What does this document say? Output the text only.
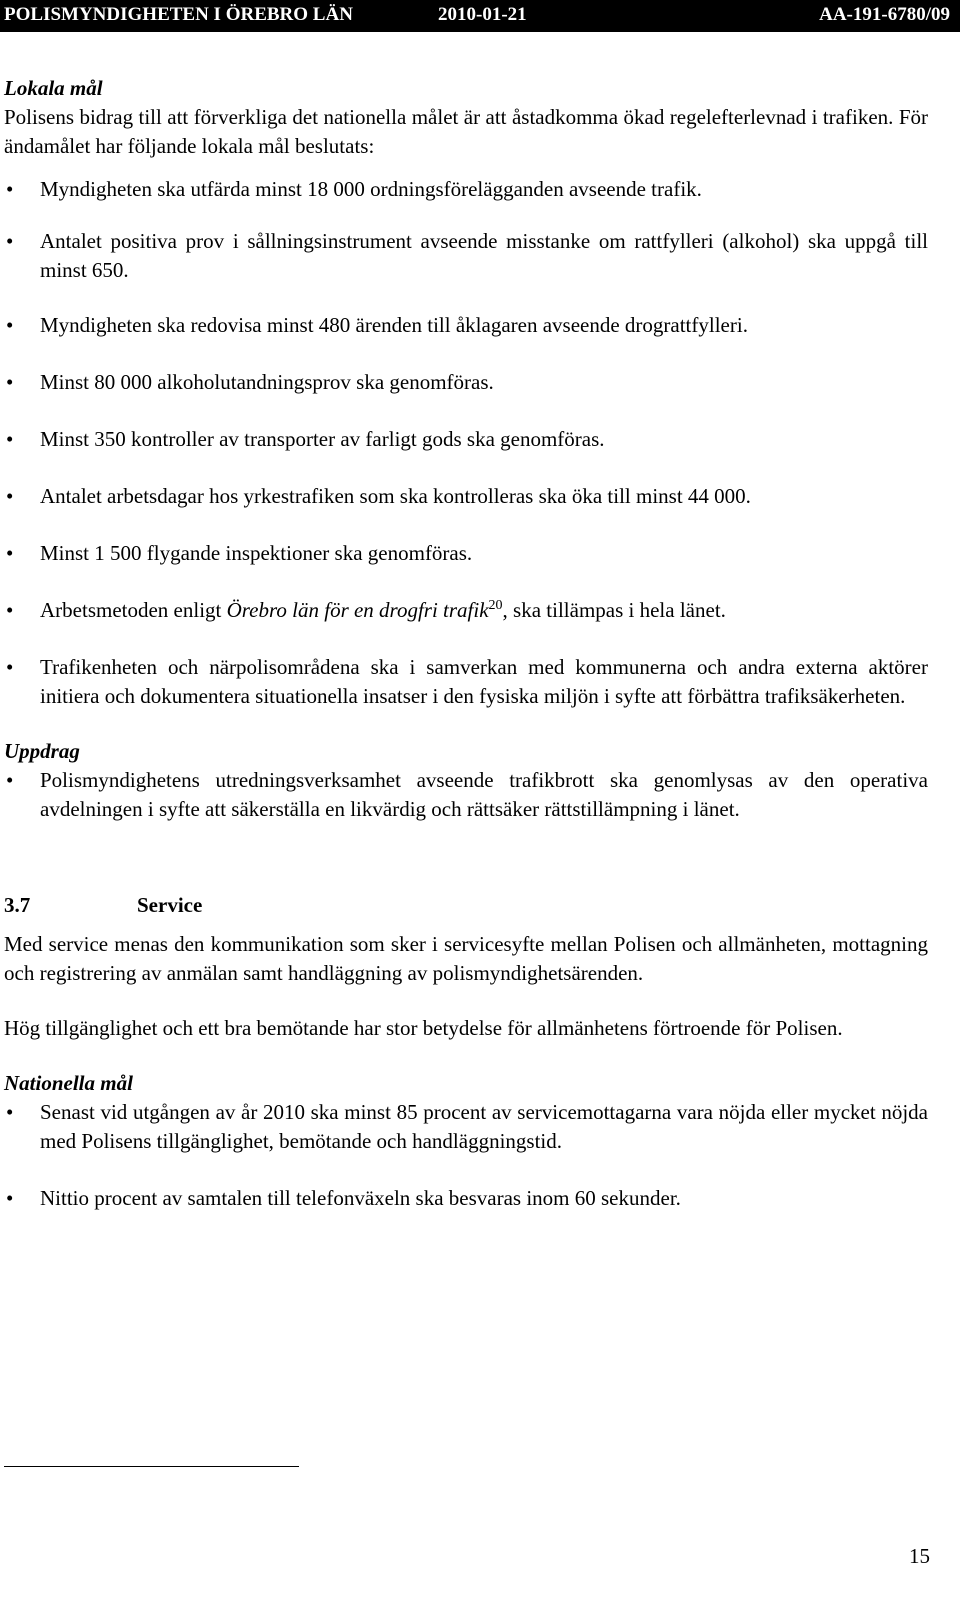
POLISMYNDIGHETEN I ÖREBRO LÄN	2010-01-21	AA-191-6780/09
Lokala mål

Polisens bidrag till att förverkliga det nationella målet är att åstadkomma ökad regelefterlevnad i trafiken. För ändamålet har följande lokala mål beslutats:

• Myndigheten ska utfärda minst 18 000 ordningsförelägganden avseende trafik.
• Antalet positiva prov i sållningsinstrument avseende misstanke om rattfylleri (alkohol) ska uppgå till minst 650.
• Myndigheten ska redovisa minst 480 ärenden till åklagaren avseende drograttfylleri.
• Minst 80 000 alkoholutandningsprov ska genomföras.
• Minst 350 kontroller av transporter av farligt gods ska genomföras.
• Antalet arbetsdagar hos yrkestrafiken som ska kontrolleras ska öka till minst 44 000.
• Minst 1 500 flygande inspektioner ska genomföras.
• Arbetsmetoden enligt Örebro län för en drogfri trafik$^{20}$, ska tillämpas i hela länet.
• Trafikenheten och närpolisområdena ska i samverkan med kommunerna och andra externa aktörer initiera och dokumentera situationella insatser i den fysiska miljön i syfte att förbättra trafiksäkerheten.
Uppdrag
• Polismyndighetens utredningsverksamhet avseende trafikbrott ska genomlysas av den operativa avdelningen i syfte att säkerställa en likvärdig och rättsäker rättstillämpning i länet.
3.7	Service

Med service menas den kommunikation som sker i servicesyfte mellan Polisen och allmänheten, mottagning och registrering av anmälan samt handläggning av polismyndighetsärenden.

Hög tillgänglighet och ett bra bemötande har stor betydelse för allmänhetens förtroende för Polisen.

Nationella mål
• Senast vid utgången av år 2010 ska minst 85 procent av servicemottagarna vara nöjda eller mycket nöjda med Polisens tillgänglighet, bemötande och handläggningstid.
• Nittio procent av samtalen till telefonväxeln ska besvaras inom 60 sekunder.
15
